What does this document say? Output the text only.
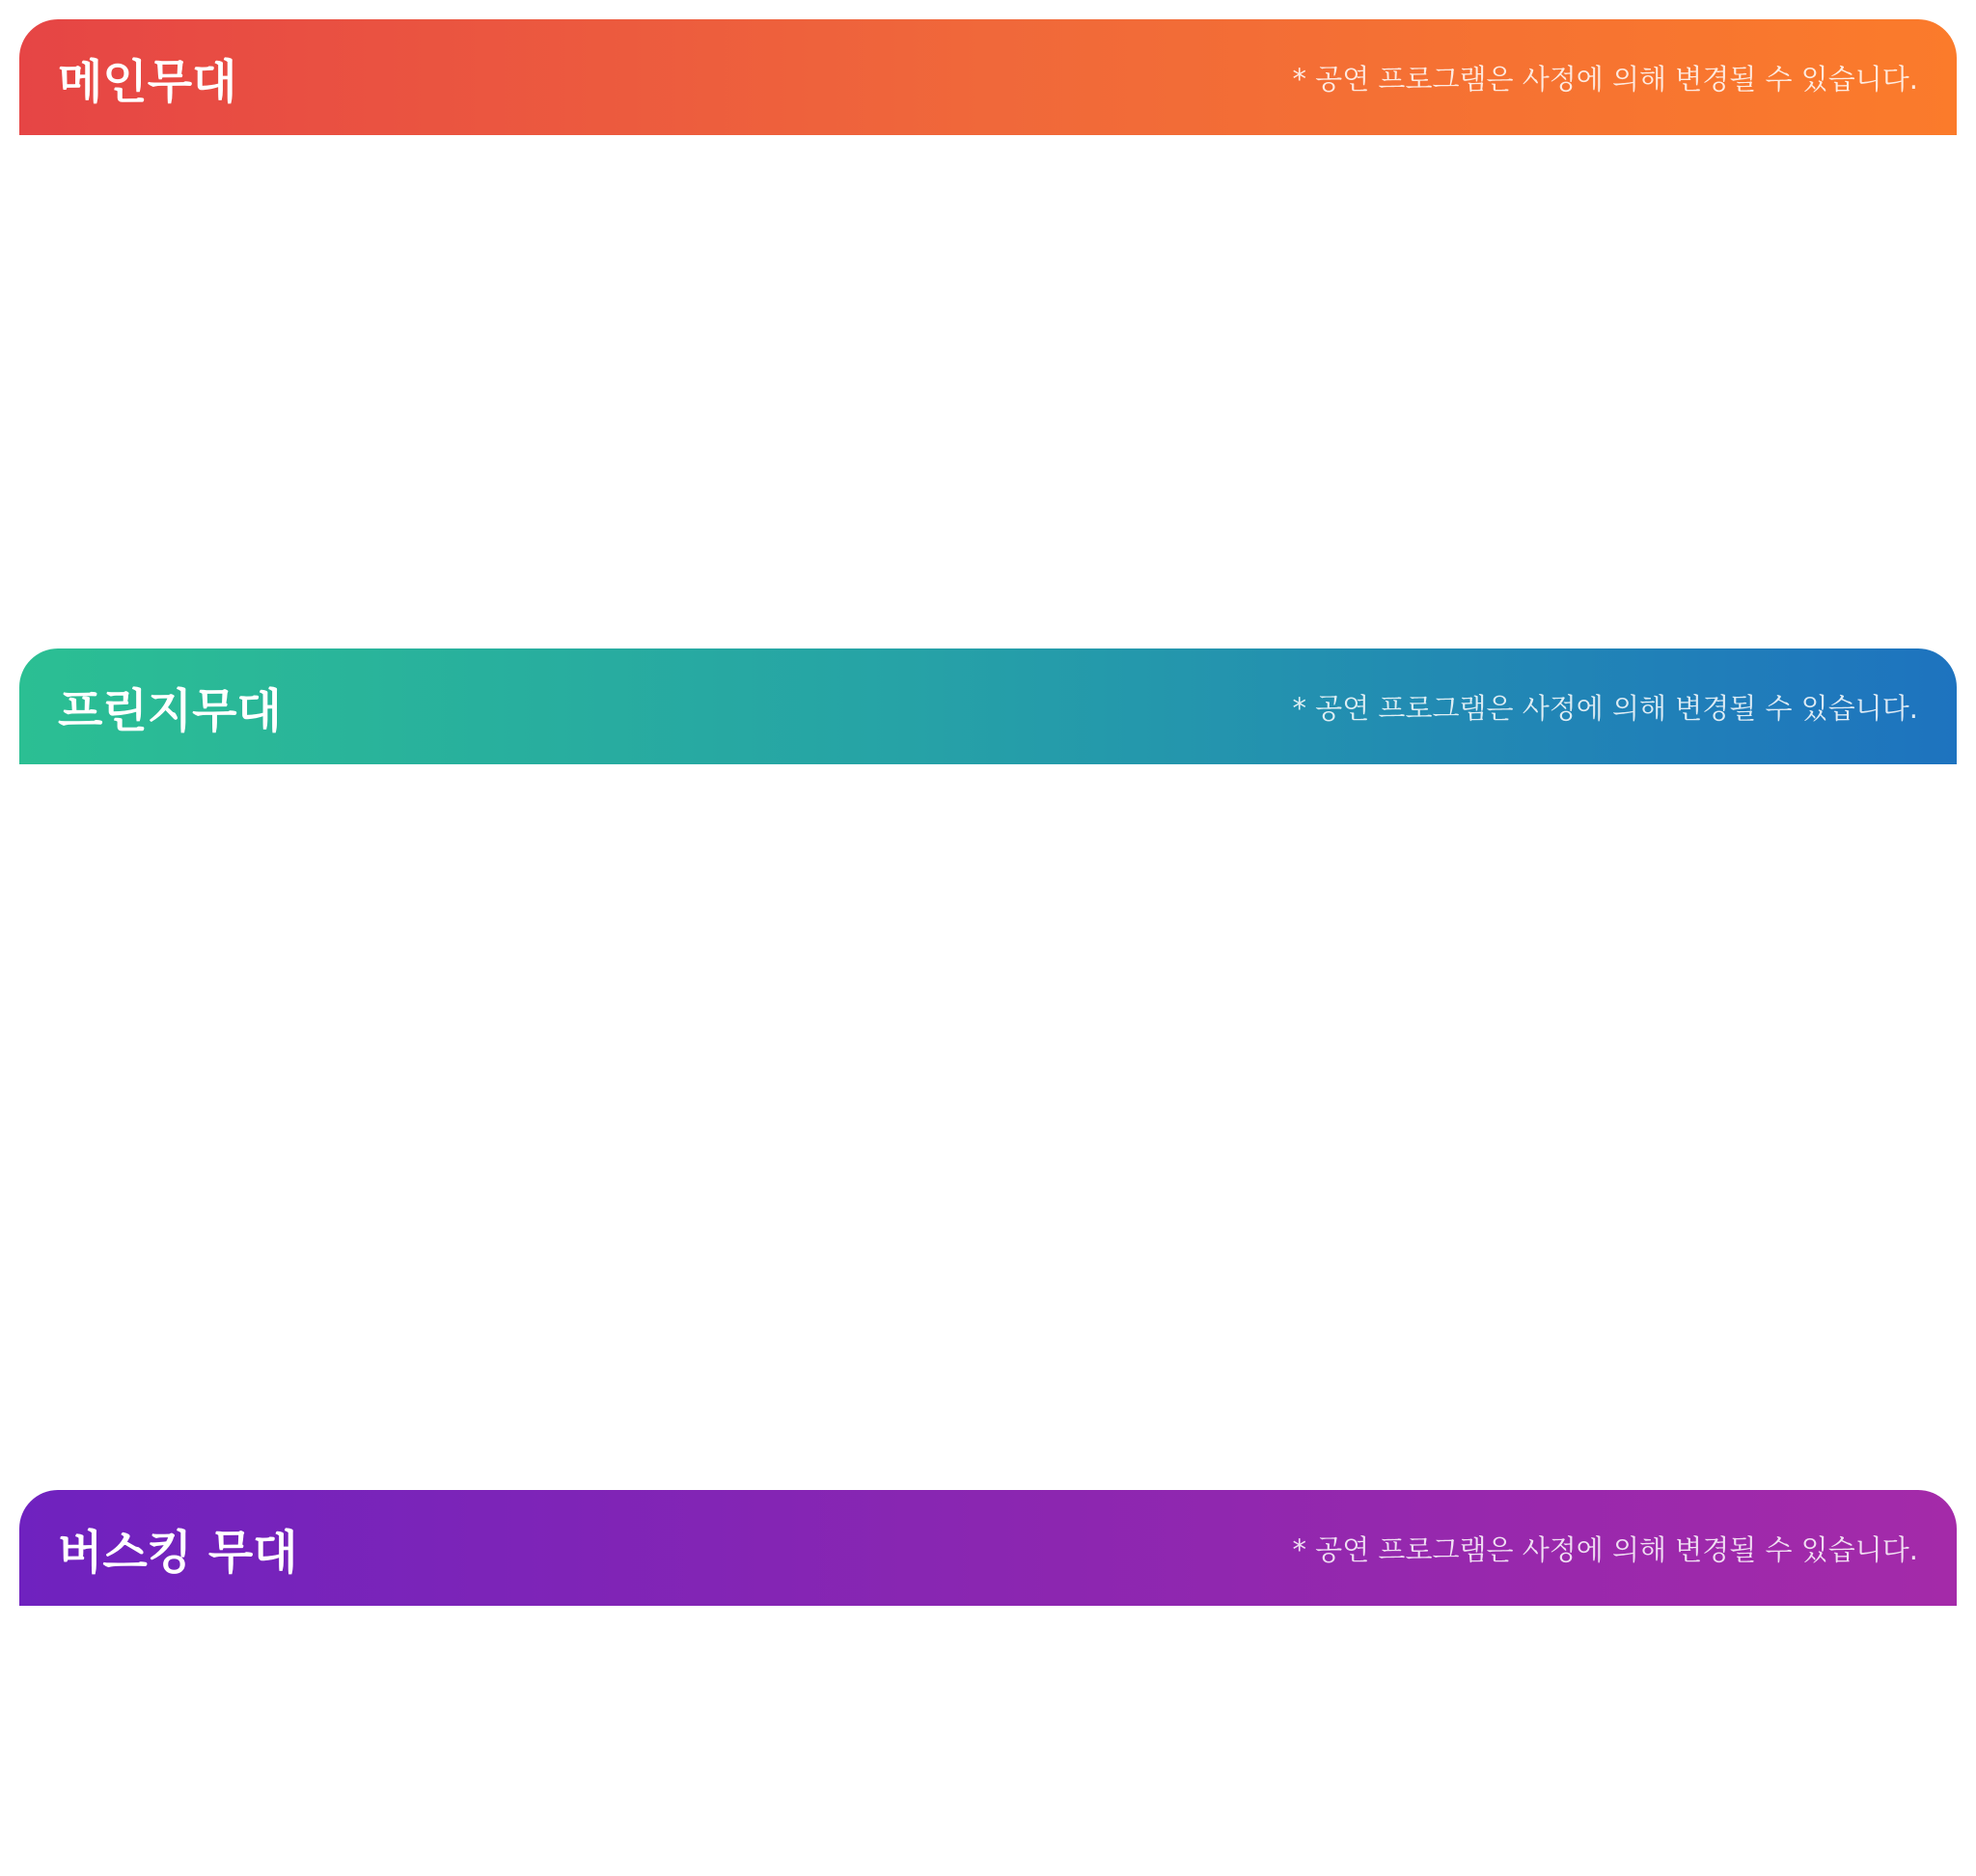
메인무대	* 공연 프로그램은 사정에 의해 변경될 수 있습니다.
프린지무대	* 공연 프로그램은 사정에 의해 변경될 수 있습니다.
버스킹 무대	* 공연 프로그램은 사정에 의해 변경될 수 있습니다.
